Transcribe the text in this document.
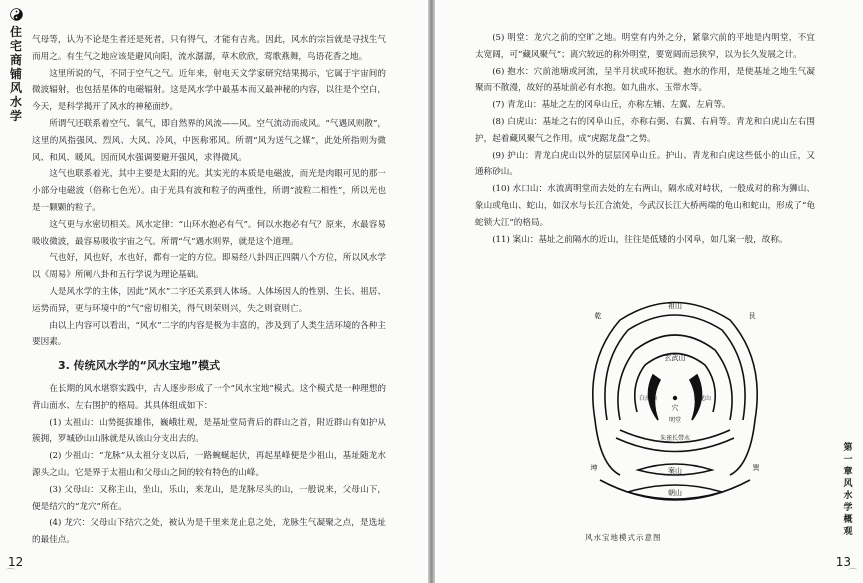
住
宅
商
铺
风
水
学

气母等，认为不论是生者还是死者，只有得气，才能有吉兆。因此，风水的宗旨就是寻找生气而用之。有生气之地应该是避风向阳，流水潺潺，草木欣欣，莺歌燕舞，鸟语花香之地。

这里所说的气，不同于空气之气。近年来，射电天文学家研究结果揭示，它属于宇宙间的微波辐射，也包括星体的电磁辐射。这是风水学中最基本而又最神秘的内容，以往是个空白，今天，是科学揭开了风水的神秘面纱。

所谓气还联系着空气、氧气，即自然界的风流——风。空气流动而成风。“气遇风则散”，这里的风指强风、烈风、大风、冷风，中医称邪风。所谓“风为送气之媒”，此处所指则为微风、和风、暖风。因而风水强调要避开强风，求得微风。

这气也联系着光，其中主要是太阳的光。其实光的本质是电磁波，而光是肉眼可见的那一小部分电磁波（俗称七色光）。由于光具有波和粒子的两重性，所谓“波粒二相性”，所以光也是一颗颗的粒子。

这气更与水密切相关。风水定律：“山环水抱必有气”。何以水抱必有气？原来，水最容易吸收微波，最容易吸收宇宙之气。所谓“气”遇水则界，就是这个道理。

气也好，风也好，水也好，都有一定的方位。即易经八卦四正四隅八个方位，所以风水学以《周易》所阐八卦和五行学说为理论基础。

人是风水学的主体，因此“风水”二字还关系到人体场。人体场因人的性别、生长、祖居、运势而异，更与环境中的“气”密切相关，得气则荣则兴，失之则衰则亡。

由以上内容可以看出，“风水”二字的内容是极为丰富的，涉及到了人类生活环境的各种主要因素。

3. 传统风水学的“风水宝地”模式

在长期的风水堪察实践中，古人逐步形成了一个“风水宝地”模式。这个模式是一种理想的背山面水、左右围护的格局。其具体组成如下：

(1) 太祖山：山势挺拔雄伟，巍峨壮观，是基址堂局背后的群山之首，附近群山有如护从簇拥，罗城砂山山脉就是从该山分支出去的。

(2) 少祖山：“龙脉”从太祖分支以后，一路蜿蜒起伏，再起星峰便是少祖山，基址随龙水源头之山。它是界于太祖山和父母山之间的较有特色的山峰。

(3) 父母山：又称主山，坐山，乐山，来龙山，是龙脉尽头的山，一般说来，父母山下，便是结穴的“龙穴”所在。

(4) 龙穴：父母山下结穴之处，被认为是千里来龙止息之处，龙脉生气凝聚之点，是选址的最佳点。

12
⌒

(5) 明堂：龙穴之前的空旷之地。明堂有内外之分，紧靠穴前的平地是内明堂，不宜太宽阔，可“藏风聚气”；离穴较远的称外明堂，要宽阔而忌狭窄，以为长久发展之计。

(6) 抱水：穴前池塘或河流，呈半月状或环抱状。抱水的作用，是使基址之地生气凝聚而不散漫，故好的基址前必有水抱。如九曲水、玉带水等。

(7) 青龙山：基址之左的冈阜山丘，亦称左辅、左翼、左肩等。

(8) 白虎山：基址之右的冈阜山丘，亦称右弼、右翼、右肩等。青龙和白虎山左右围护，起着藏风聚气之作用，成“虎踞龙盘”之势。

(9) 护山：青龙白虎山以外的层层冈阜山丘。护山、青龙和白虎这些低小的山丘，又通称砂山。

(10) 水口山：水流离明堂而去处的左右两山，隔水成对峙状，一般成对的称为狮山、象山或龟山、蛇山，如汉水与长江合流处，今武汉长江大桥两端的龟山和蛇山，形成了“龟蛇锁大江”的格局。

(11) 案山：基址之前隔水的近山，往往是低矮的小冈阜，如几案一般，故称。

祖山
乾	艮
玄武山
白虎山	青龙山
穴
明堂
朱雀长带水
坤	巽
案山
朝山
风水宝地模式示意图
第
一
章
风
水
学
概
观
13
⌒
